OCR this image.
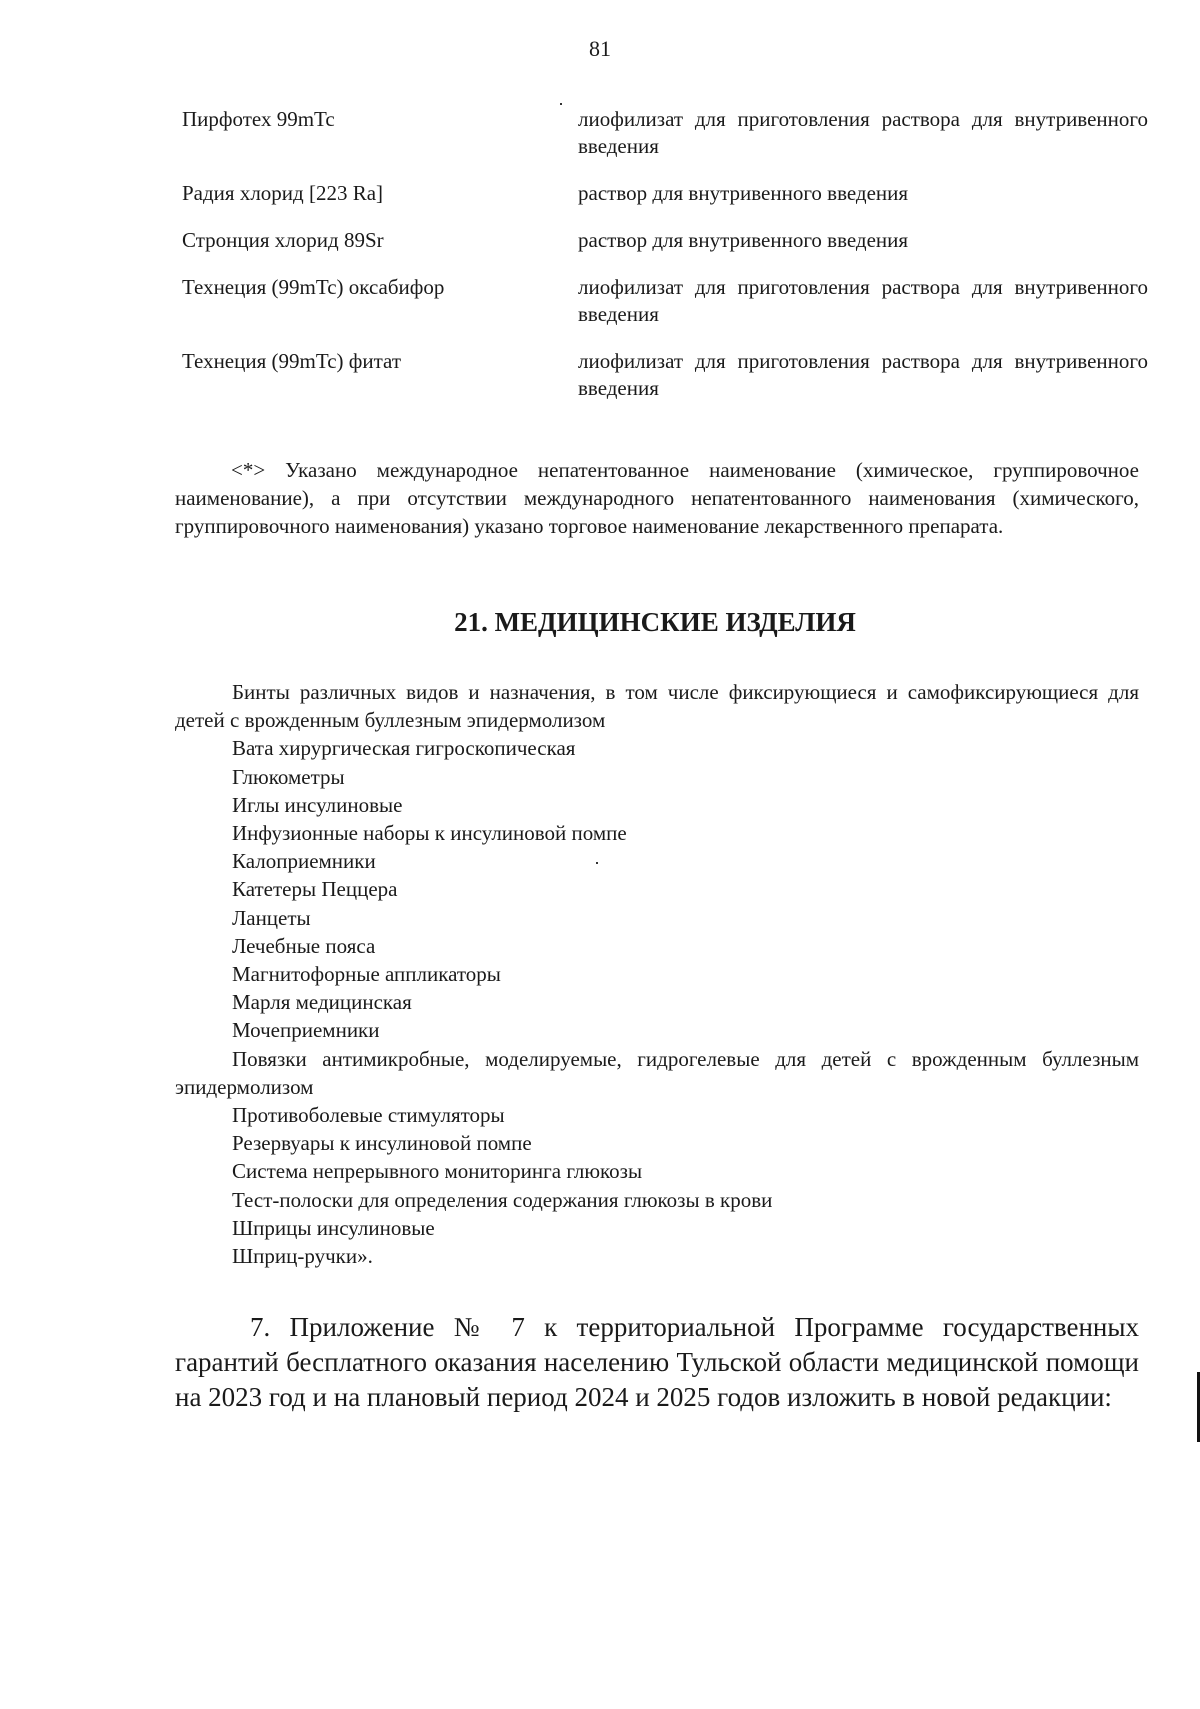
81
Пирфотех 99mTc	лиофилизат для приготовления раствора для внутривенного введения
Радия хлорид [223 Ra]	раствор для внутривенного введения
Стронция хлорид 89Sr	раствор для внутривенного введения
Технеция (99mTc) оксабифор	лиофилизат для приготовления раствора для внутривенного введения
Технеция (99mTc) фитат	лиофилизат для приготовления раствора для внутривенного введения

<*> Указано международное непатентованное наименование (химическое, группировочное наименование), а при отсутствии международного непатентованного наименования (химического, группировочного наименования) указано торговое наименование лекарственного препарата.

21. МЕДИЦИНСКИЕ ИЗДЕЛИЯ
Бинты различных видов и назначения, в том числе фиксирующиеся и самофиксирующиеся для детей с врожденным буллезным эпидермолизом
Вата хирургическая гигроскопическая
Глюкометры
Иглы инсулиновые
Инфузионные наборы к инсулиновой помпе
Калоприемники
Катетеры Пеццера
Ланцеты
Лечебные пояса
Магнитофорные аппликаторы
Марля медицинская
Мочеприемники
Повязки антимикробные, моделируемые, гидрогелевые для детей с врожденным буллезным эпидермолизом
Противоболевые стимуляторы
Резервуары к инсулиновой помпе
Система непрерывного мониторинга глюкозы
Тест-полоски для определения содержания глюкозы в крови
Шприцы инсулиновые
Шприц-ручки».

7. Приложение № 7 к территориальной Программе государственных гарантий бесплатного оказания населению Тульской области медицинской помощи на 2023 год и на плановый период 2024 и 2025 годов изложить в новой редакции:
